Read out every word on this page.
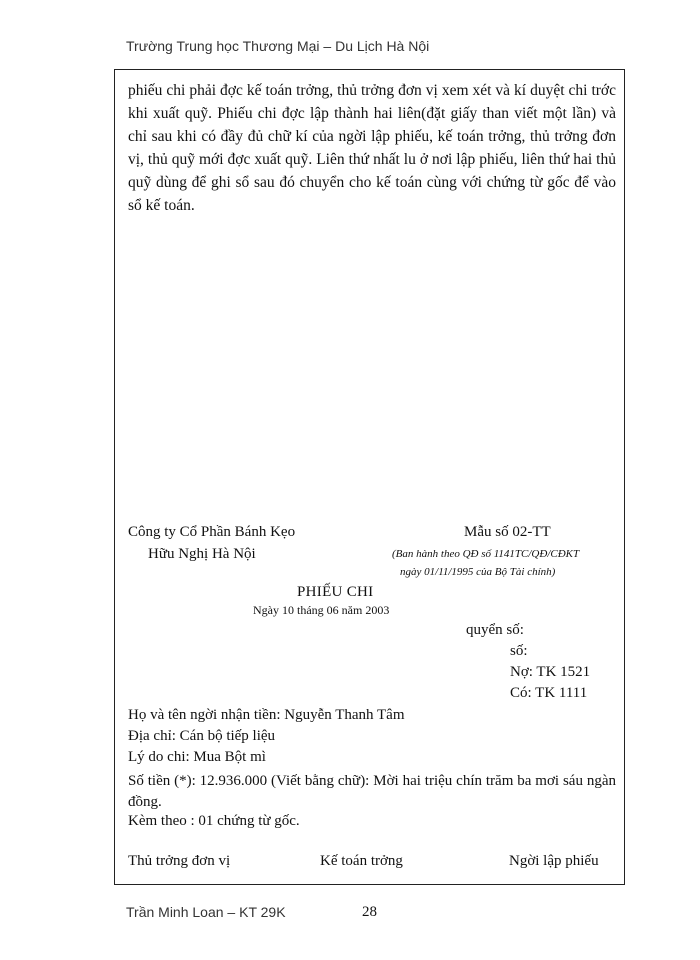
Trường Trung học Thương Mại – Du Lịch Hà Nội

phiếu chi phải đợc kế toán trởng, thủ trởng đơn vị xem xét và kí duyệt chi trớc khi xuất quỹ. Phiếu chi đợc lập thành hai liên(đặt giấy than viết một lần) và chỉ sau khi có đầy đủ chữ kí của ngời lập phiếu, kế toán trởng, thủ trởng đơn vị, thủ quỹ mới đợc xuất quỹ. Liên thứ nhất lu ở nơi lập phiếu, liên thứ hai thủ quỹ dùng để ghi sổ sau đó chuyển cho kế toán cùng với chứng từ gốc để vào sổ kế toán.

Công ty Cổ Phần Bánh Kẹo
Hữu Nghị Hà Nội
Mẫu số 02-TT
(Ban hành theo QĐ số 1141TC/QĐ/CĐKT
ngày 01/11/1995 của Bộ Tài chính)
PHIẾU CHI
Ngày 10 tháng 06 năm 2003
quyển số:
số:
Nợ: TK 1521
Có: TK 1111
Họ và tên ngời nhận tiền: Nguyễn Thanh Tâm
Địa chỉ: Cán bộ tiếp liệu
Lý do chi: Mua Bột mì

Số tiền (*): 12.936.000 (Viết bằng chữ): Mời hai triệu chín trăm ba mơi sáu ngàn đồng.

Kèm theo : 01 chứng từ gốc.
Thủ trởng đơn vị	Kế toán trởng	Ngời lập phiếu
Trần Minh Loan – KT 29K	28
